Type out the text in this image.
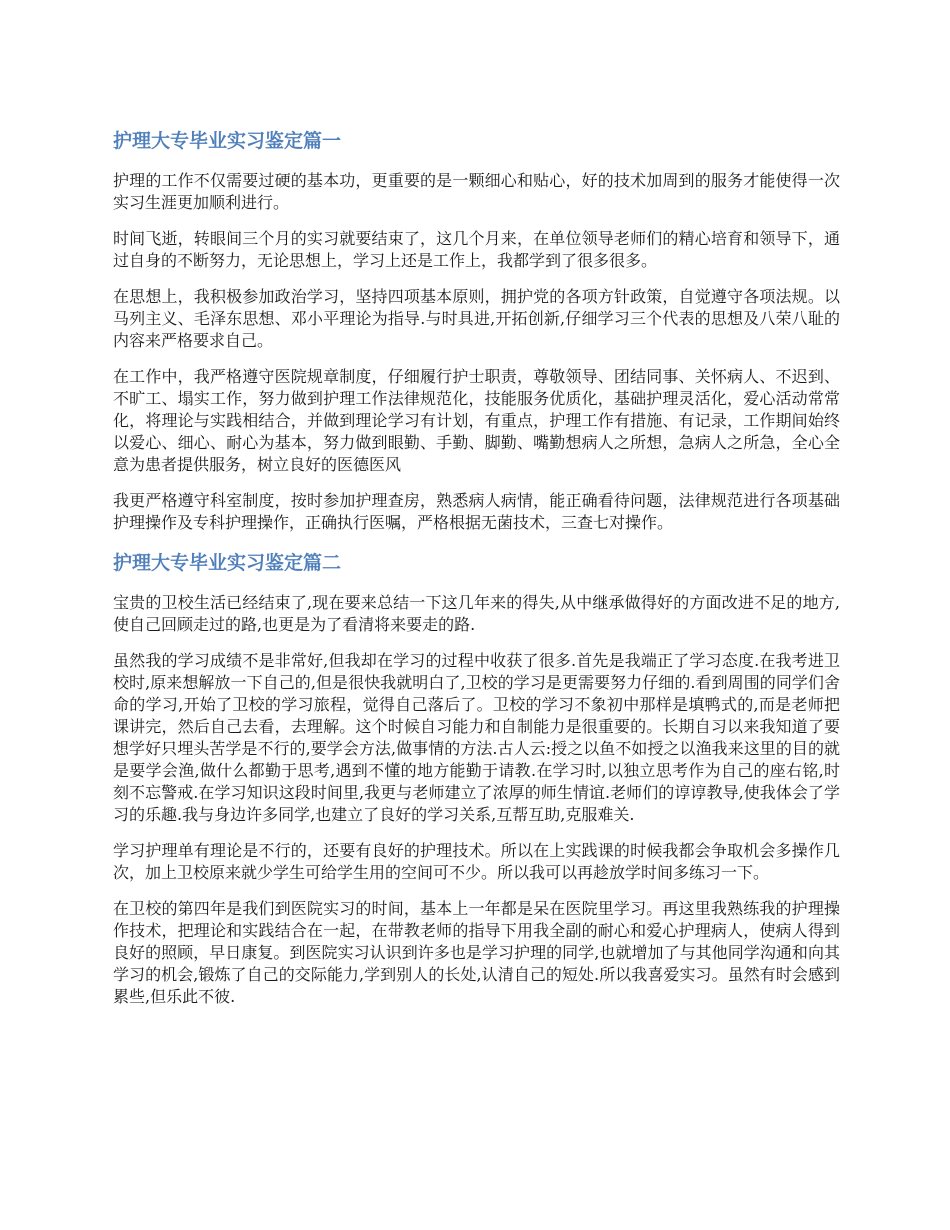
护理大专毕业实习鉴定篇一

护理的工作不仅需要过硬的基本功，更重要的是一颗细心和贴心，好的技术加周到的服务才能使得一次实习生涯更加顺利进行。

时间飞逝，转眼间三个月的实习就要结束了，这几个月来，在单位领导老师们的精心培育和领导下，通过自身的不断努力，无论思想上，学习上还是工作上，我都学到了很多很多。

在思想上，我积极参加政治学习，坚持四项基本原则，拥护党的各项方针政策，自觉遵守各项法规。以马列主义、毛泽东思想、邓小平理论为指导.与时具进,开拓创新,仔细学习三个代表的思想及八荣八耻的内容来严格要求自己。

在工作中，我严格遵守医院规章制度，仔细履行护士职责，尊敬领导、团结同事、关怀病人、不迟到、不旷工、塌实工作，努力做到护理工作法律规范化，技能服务优质化，基础护理灵活化，爱心活动常常化，将理论与实践相结合，并做到理论学习有计划，有重点，护理工作有措施、有记录，工作期间始终以爱心、细心、耐心为基本，努力做到眼勤、手勤、脚勤、嘴勤想病人之所想，急病人之所急，全心全意为患者提供服务，树立良好的医德医风

我更严格遵守科室制度，按时参加护理查房，熟悉病人病情，能正确看待问题，法律规范进行各项基础护理操作及专科护理操作，正确执行医嘱，严格根据无菌技术，三查七对操作。

护理大专毕业实习鉴定篇二

宝贵的卫校生活已经结束了,现在要来总结一下这几年来的得失,从中继承做得好的方面改进不足的地方,使自己回顾走过的路,也更是为了看清将来要走的路.

虽然我的学习成绩不是非常好,但我却在学习的过程中收获了很多.首先是我端正了学习态度.在我考进卫校时,原来想解放一下自己的,但是很快我就明白了,卫校的学习是更需要努力仔细的.看到周围的同学们舍命的学习,开始了卫校的学习旅程，觉得自己落后了。卫校的学习不象初中那样是填鸭式的,而是老师把课讲完，然后自己去看，去理解。这个时候自习能力和自制能力是很重要的。长期自习以来我知道了要想学好只埋头苦学是不行的,要学会方法,做事情的方法.古人云:授之以鱼不如授之以渔我来这里的目的就是要学会渔,做什么都勤于思考,遇到不懂的地方能勤于请教.在学习时,以独立思考作为自己的座右铭,时刻不忘警戒.在学习知识这段时间里,我更与老师建立了浓厚的师生情谊.老师们的谆谆教导,使我体会了学习的乐趣.我与身边许多同学,也建立了良好的学习关系,互帮互助,克服难关.

学习护理单有理论是不行的，还要有良好的护理技术。所以在上实践课的时候我都会争取机会多操作几次，加上卫校原来就少学生可给学生用的空间可不少。所以我可以再趁放学时间多练习一下。

在卫校的第四年是我们到医院实习的时间，基本上一年都是呆在医院里学习。再这里我熟练我的护理操作技术，把理论和实践结合在一起，在带教老师的指导下用我全副的耐心和爱心护理病人，使病人得到良好的照顾，早日康复。到医院实习认识到许多也是学习护理的同学,也就增加了与其他同学沟通和向其学习的机会,锻炼了自己的交际能力,学到别人的长处,认清自己的短处.所以我喜爱实习。虽然有时会感到累些,但乐此不彼.
